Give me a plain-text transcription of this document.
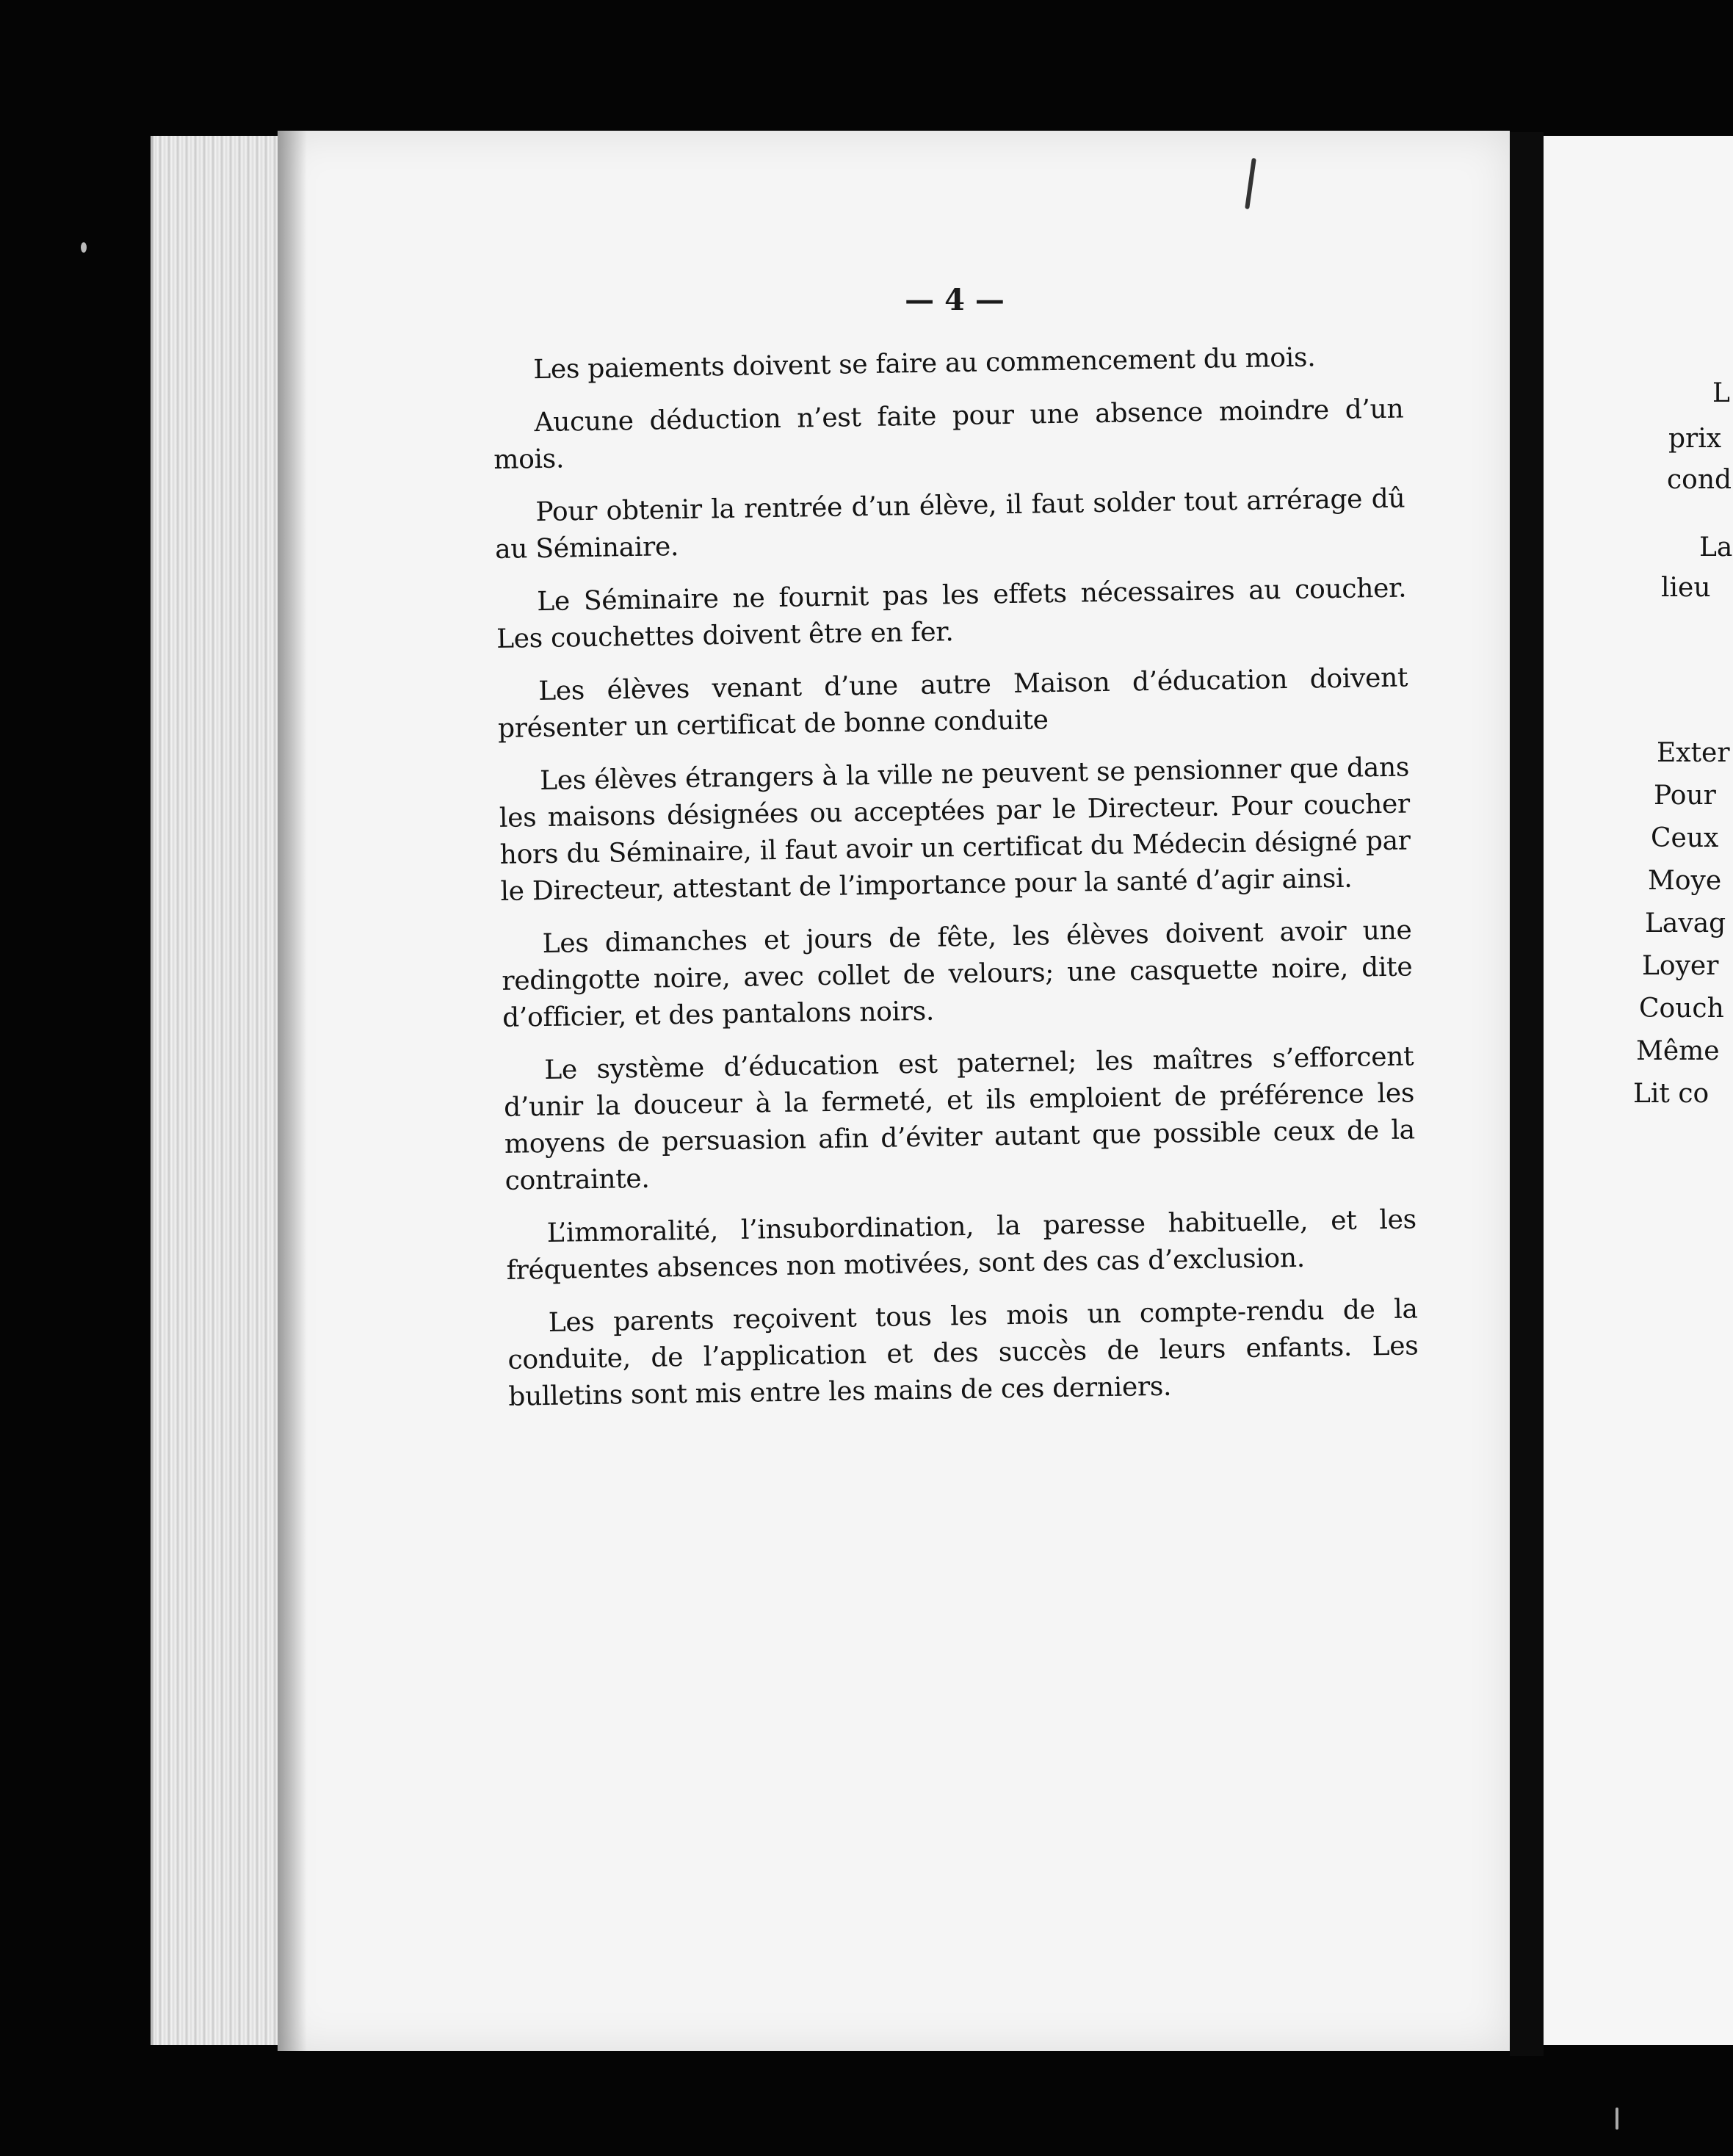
L
prix
cond
La
lieu
Exter
Pour
Ceux
Moye
Lavag
Loyer
Couch
Même
Lit co
— 4 —

Les paiements doivent se faire au commencement du mois.

Aucune déduction n’est faite pour une absence moindre d’un mois.

Pour obtenir la rentrée d’un élève, il faut solder tout arrérage dû au Séminaire.

Le Séminaire ne fournit pas les effets nécessaires au coucher. Les couchettes doivent être en fer.

Les élèves venant d’une autre Maison d’éducation doivent présenter un certificat de bonne conduite

Les élèves étrangers à la ville ne peuvent se pensionner que dans les maisons désignées ou acceptées par le Directeur. Pour coucher hors du Séminaire, il faut avoir un certificat du Médecin désigné par le Directeur, attestant de l’importance pour la santé d’agir ainsi.

Les dimanches et jours de fête, les élèves doivent avoir une redingotte noire, avec collet de velours; une casquette noire, dite d’officier, et des pantalons noirs.

Le système d’éducation est paternel; les maîtres s’efforcent d’unir la douceur à la fermeté, et ils emploient de préférence les moyens de persuasion afin d’éviter autant que possible ceux de la contrainte.

L’immoralité, l’insubordination, la paresse habituelle, et les fréquentes absences non motivées, sont des cas d’exclusion.

Les parents reçoivent tous les mois un compte-rendu de la conduite, de l’application et des succès de leurs enfants. Les bulletins sont mis entre les mains de ces derniers.
